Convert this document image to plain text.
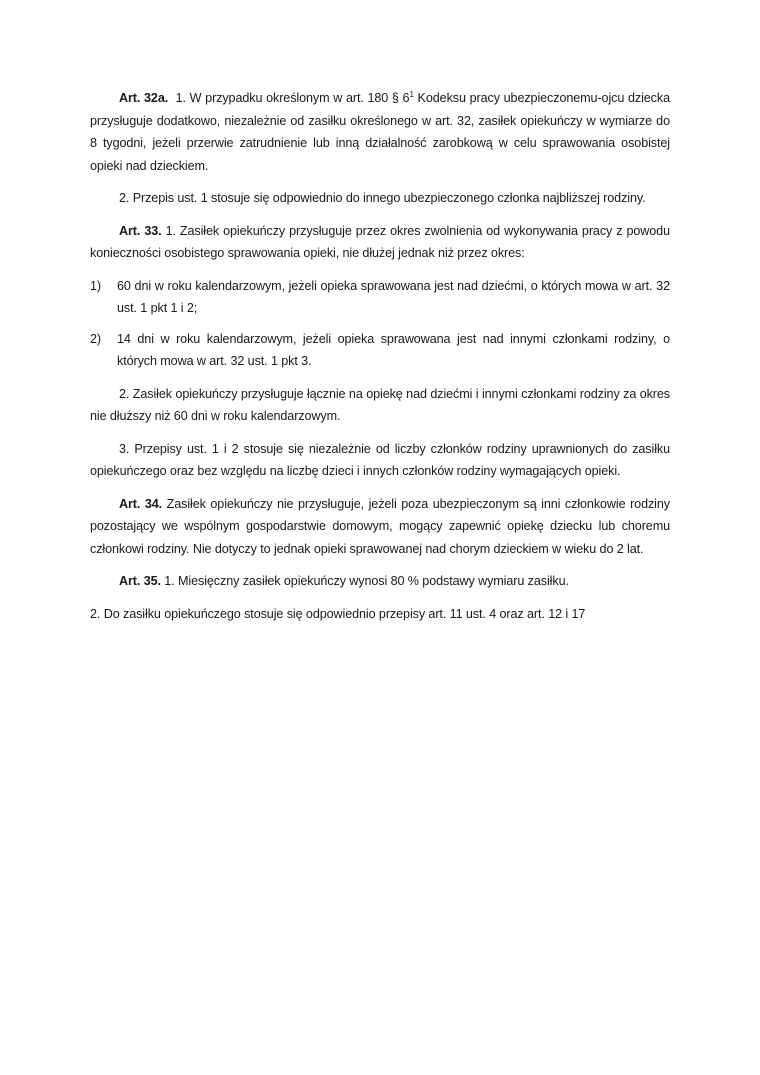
Art. 32a. 1. W przypadku określonym w art. 180 § $6^1$ Kodeksu pracy ubezpieczonemu-ojcu dziecka przysługuje dodatkowo, niezależnie od zasiłku określonego w art. 32, zasiłek opiekuńczy w wymiarze do 8 tygodni, jeżeli przerwie zatrudnienie lub inną działalność zarobkową w celu sprawowania osobistej opieki nad dzieckiem.

2. Przepis ust. 1 stosuje się odpowiednio do innego ubezpieczonego członka najbliższej rodziny.

Art. 33. 1. Zasiłek opiekuńczy przysługuje przez okres zwolnienia od wykonywania pracy z powodu konieczności osobistego sprawowania opieki, nie dłużej jednak niż przez okres:

1) 60 dni w roku kalendarzowym, jeżeli opieka sprawowana jest nad dziećmi, o których mowa w art. 32 ust. 1 pkt 1 i 2;
2) 14 dni w roku kalendarzowym, jeżeli opieka sprawowana jest nad innymi członkami rodziny, o których mowa w art. 32 ust. 1 pkt 3.

2. Zasiłek opiekuńczy przysługuje łącznie na opiekę nad dziećmi i innymi członkami rodziny za okres nie dłuższy niż 60 dni w roku kalendarzowym.

3. Przepisy ust. 1 i 2 stosuje się niezależnie od liczby członków rodziny uprawnionych do zasiłku opiekuńczego oraz bez względu na liczbę dzieci i innych członków rodziny wymagających opieki.

Art. 34. Zasiłek opiekuńczy nie przysługuje, jeżeli poza ubezpieczonym są inni członkowie rodziny pozostający we wspólnym gospodarstwie domowym, mogący zapewnić opiekę dziecku lub choremu członkowi rodziny. Nie dotyczy to jednak opieki sprawowanej nad chorym dzieckiem w wieku do 2 lat.

Art. 35. 1. Miesięczny zasiłek opiekuńczy wynosi 80 % podstawy wymiaru zasiłku.

2. Do zasiłku opiekuńczego stosuje się odpowiednio przepisy art. 11 ust. 4 oraz art. 12 i 17
